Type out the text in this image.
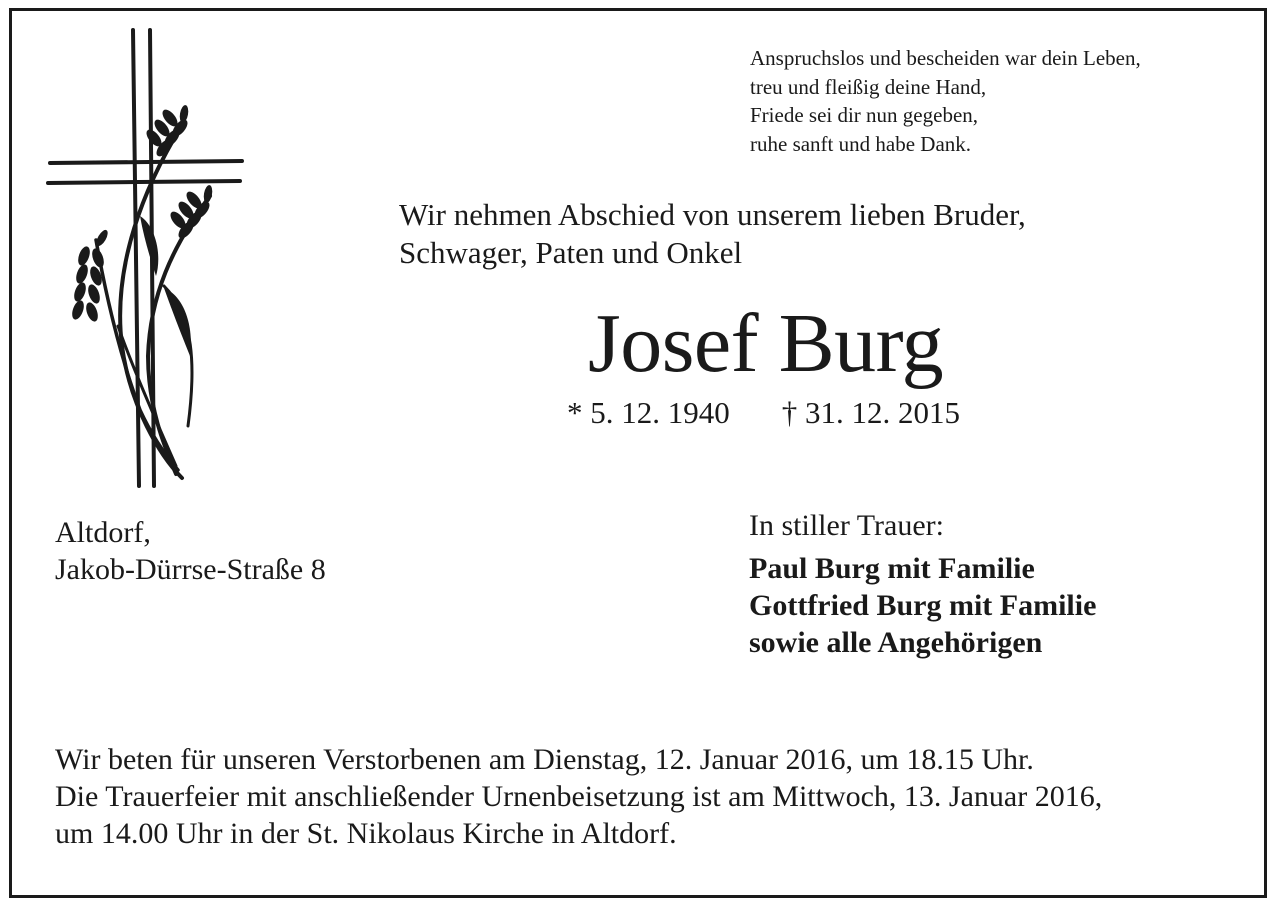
Anspruchslos und bescheiden war dein Leben,
treu und fleißig deine Hand,
Friede sei dir nun gegeben,
ruhe sanft und habe Dank.
Wir nehmen Abschied von unserem lieben Bruder,
Schwager, Paten und Onkel
Josef Burg
* 5. 12. 1940 † 31. 12. 2015
Altdorf,
Jakob-Dürrse-Straße 8
In stiller Trauer:
Paul Burg mit Familie
Gottfried Burg mit Familie
sowie alle Angehörigen
Wir beten für unseren Verstorbenen am Dienstag, 12. Januar 2016, um 18.15 Uhr.
Die Trauerfeier mit anschließender Urnenbeisetzung ist am Mittwoch, 13. Januar 2016,
um 14.00 Uhr in der St. Nikolaus Kirche in Altdorf.
